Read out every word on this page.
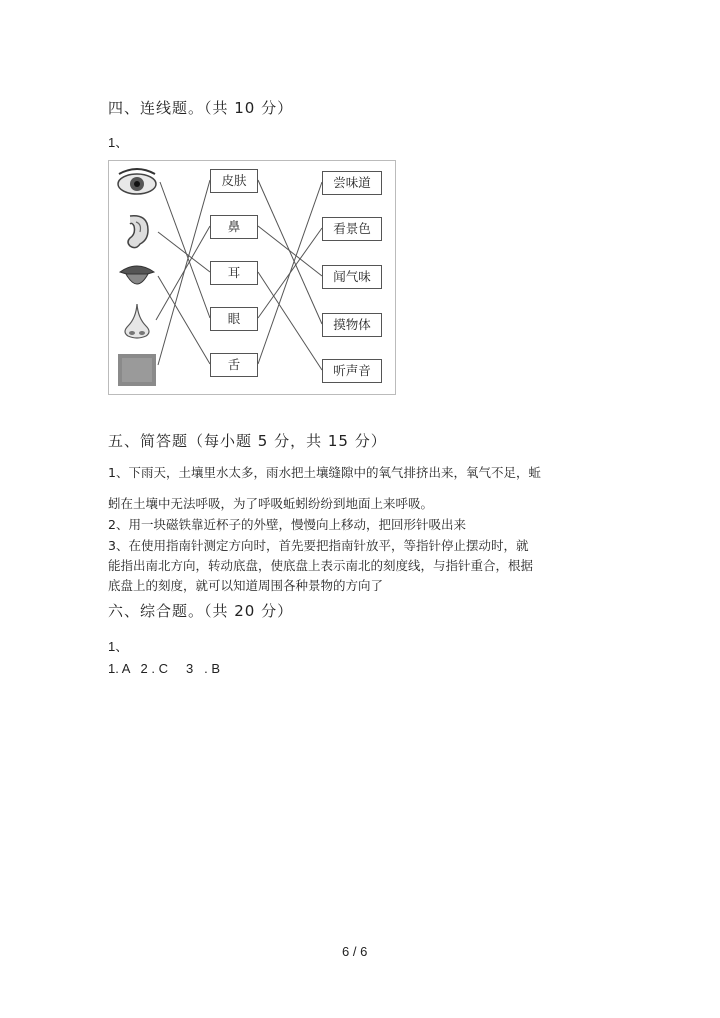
四、连线题。（共 10 分）
1、
皮肤
鼻
耳
眼
舌
尝味道
看景色
闻气味
摸物体
听声音
五、简答题（每小题 5 分，共 15 分）
1、下雨天，土壤里水太多，雨水把土壤缝隙中的氧气排挤出来，氧气不足，蚯
蚓在土壤中无法呼吸，为了呼吸蚯蚓纷纷到地面上来呼吸。
2、用一块磁铁靠近杯子的外壁，慢慢向上移动，把回形针吸出来
3、在使用指南针测定方向时，首先要把指南针放平，等指针停止摆动时，就
能指出南北方向，转动底盘，使底盘上表示南北的刻度线，与指针重合，根据
底盘上的刻度，就可以知道周围各种景物的方向了
六、综合题。（共 20 分）
1、
1. A   2 . C     3   . B
6 / 6
